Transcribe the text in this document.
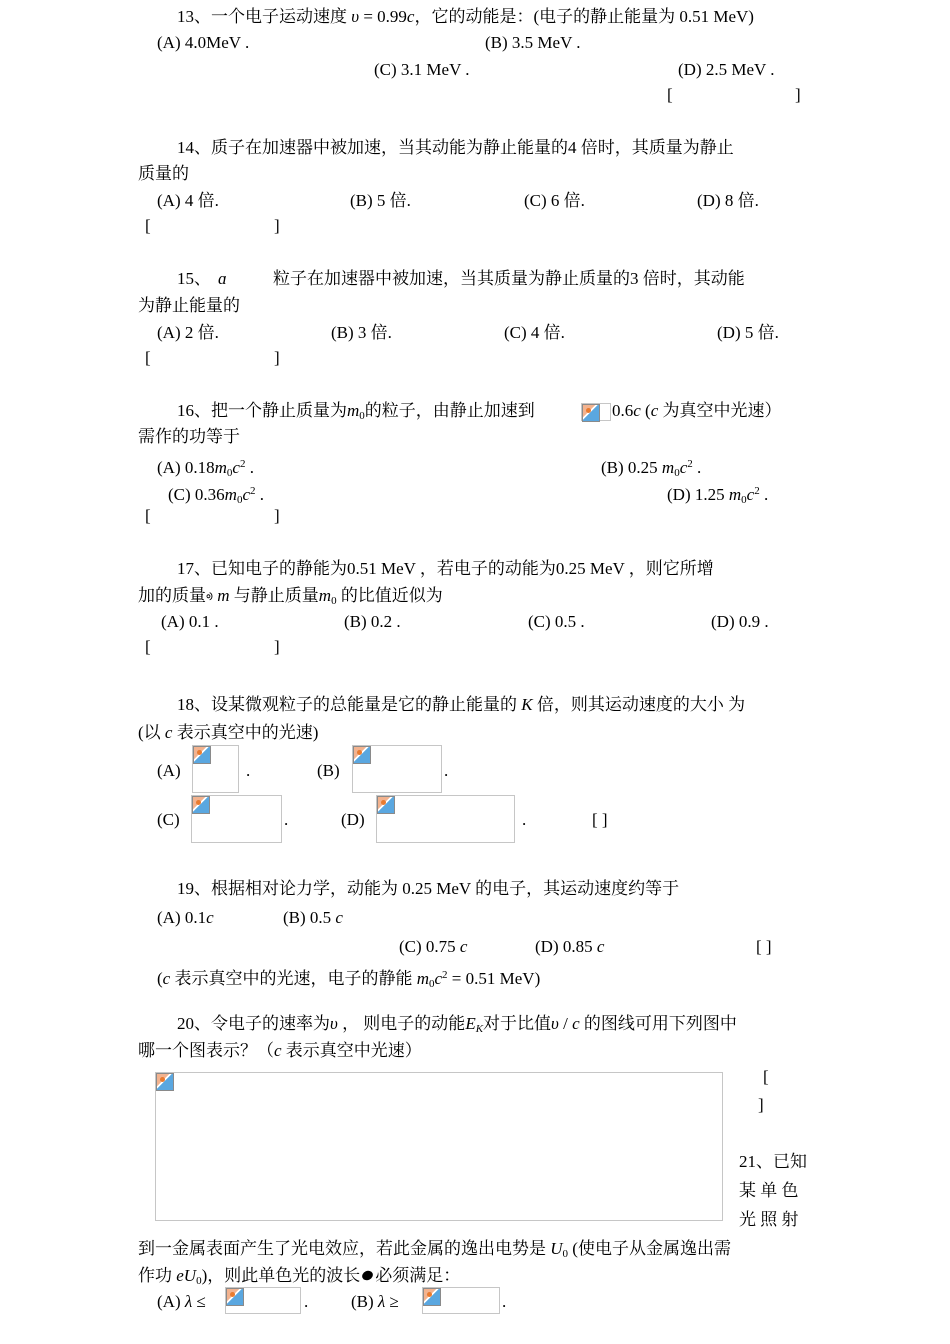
13、一个电子运动速度 υ = 0.99c，它的动能是：(电子的静止能量为 0.51 MeV)
(A) 4.0MeV .	(B) 3.5 MeV .
(C) 3.1 MeV .	(D) 2.5 MeV .
[	]
14、质子在加速器中被加速，当其动能为静止能量的4 倍时，其质量为静止
质量的
(A) 4 倍.	(B) 5 倍.	(C) 6 倍.	(D) 8 倍.
[	]
15、 ɑ	粒子在加速器中被加速，当其质量为静止质量的3 倍时，其动能
为静止能量的
(A) 2 倍.	(B) 3 倍.	(C) 4 倍.	(D) 5 倍.
[	]
16、把一个静止质量为$m_0$的粒子，由静止加速到	0.6c (c 为真空中光速）
需作的功等于
(A) $0.18m_0c^2$ .	(B) 0.25 $m_0c^2$ .
(C) $0.36m_0c^2$ .	(D) 1.25 $m_0c^2$ .
[	]
17、已知电子的静能为0.51 MeV ，若电子的动能为0.25 MeV ，则它所增
加的质量ᢀ m 与静止质量$m_0$ 的比值近似为
(A) 0.1 .	(B) 0.2 .	(C) 0.5 .	(D) 0.9 .
[	]
18、设某微观粒子的总能量是它的静止能量的 K 倍，则其运动速度的大小 为
(以 c 表示真空中的光速)
(A)	.	(B)	.
(C)	.	(D)	.	[ ]
19、根据相对论力学，动能为 0.25 MeV 的电子，其运动速度约等于
(A) 0.1c	(B) 0.5 c
(C) 0.75 c	(D) 0.85 c	[ ]
(c 表示真空中的光速，电子的静能 $m_0c^2 = 0.51$ MeV)
20、令电子的速率为υ ， 则电子的动能$E_K$对于比值υ / c 的图线可用下列图中
哪一个图表示？（c 表示真空中光速）
[
]
21、已知
某 单 色
光 照 射
到一金属表面产生了光电效应，若此金属的逸出电势是 $U_0$ (使电子从金属逸出需
作功 $eU_0$)，则此单色光的波长 必须满足：
(A) λ ≤	.	(B) λ ≥	.
